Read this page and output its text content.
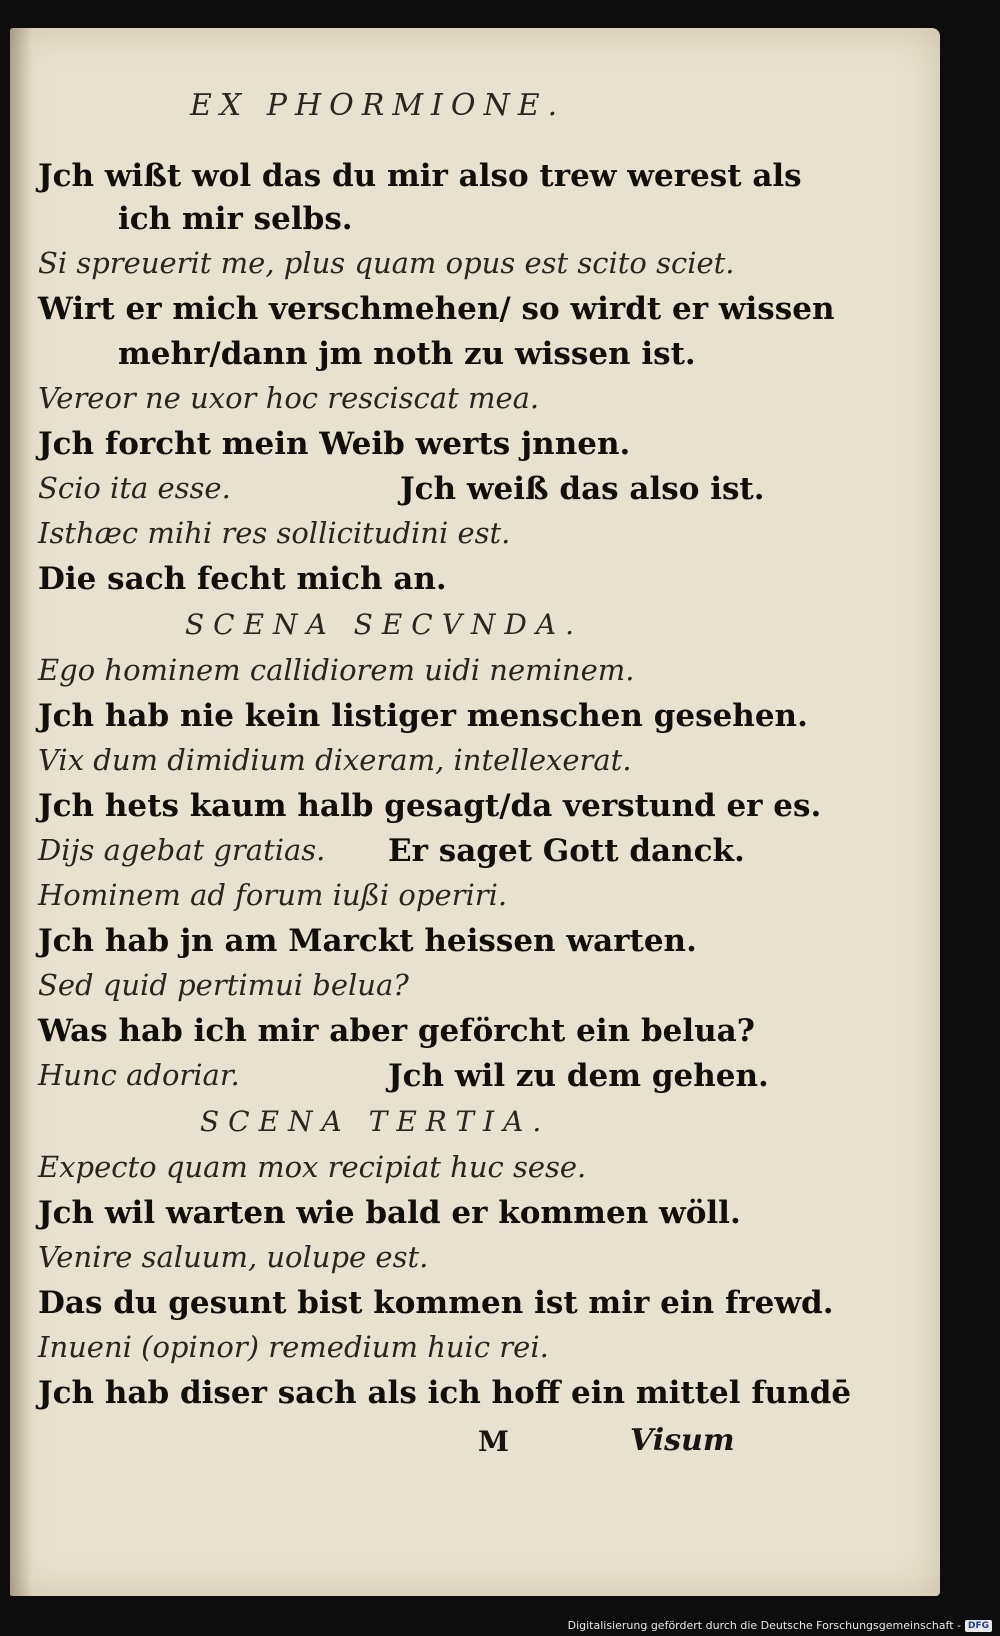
EX PHORMIONE.
Jch wißt wol das du mir also trew werest als
ich mir selbs.
Si spreuerit me, plus quam opus est scito sciet.
Wirt er mich verschmehen/ so wirdt er wissen
mehr/dann jm noth zu wissen ist.
Vereor ne uxor hoc resciscat mea.
Jch forcht mein Weib werts jnnen.
Scio ita esse.	Jch weiß das also ist.
Isthæc mihi res sollicitudini est.
Die sach fecht mich an.
SCENA SECVNDA.
Ego hominem callidiorem uidi neminem.
Jch hab nie kein listiger menschen gesehen.
Vix dum dimidium dixeram, intellexerat.
Jch hets kaum halb gesagt/da verstund er es.
Dijs agebat gratias. Er saget Gott danck.
Hominem ad forum iußi operiri.
Jch hab jn am Marckt heissen warten.
Sed quid pertimui belua?
Was hab ich mir aber geförcht ein belua?
Hunc adoriar.	Jch wil zu dem gehen.
SCENA TERTIA.
Expecto quam mox recipiat huc sese.
Jch wil warten wie bald er kommen wöll.
Venire saluum, uolupe est.
Das du gesunt bist kommen ist mir ein frewd.
Inueni (opinor) remedium huic rei.
Jch hab diser sach als ich hoff ein mittel fundē
M	Visum
Digitalisierung gefördert durch die Deutsche Forschungsgemeinschaft - DFG
